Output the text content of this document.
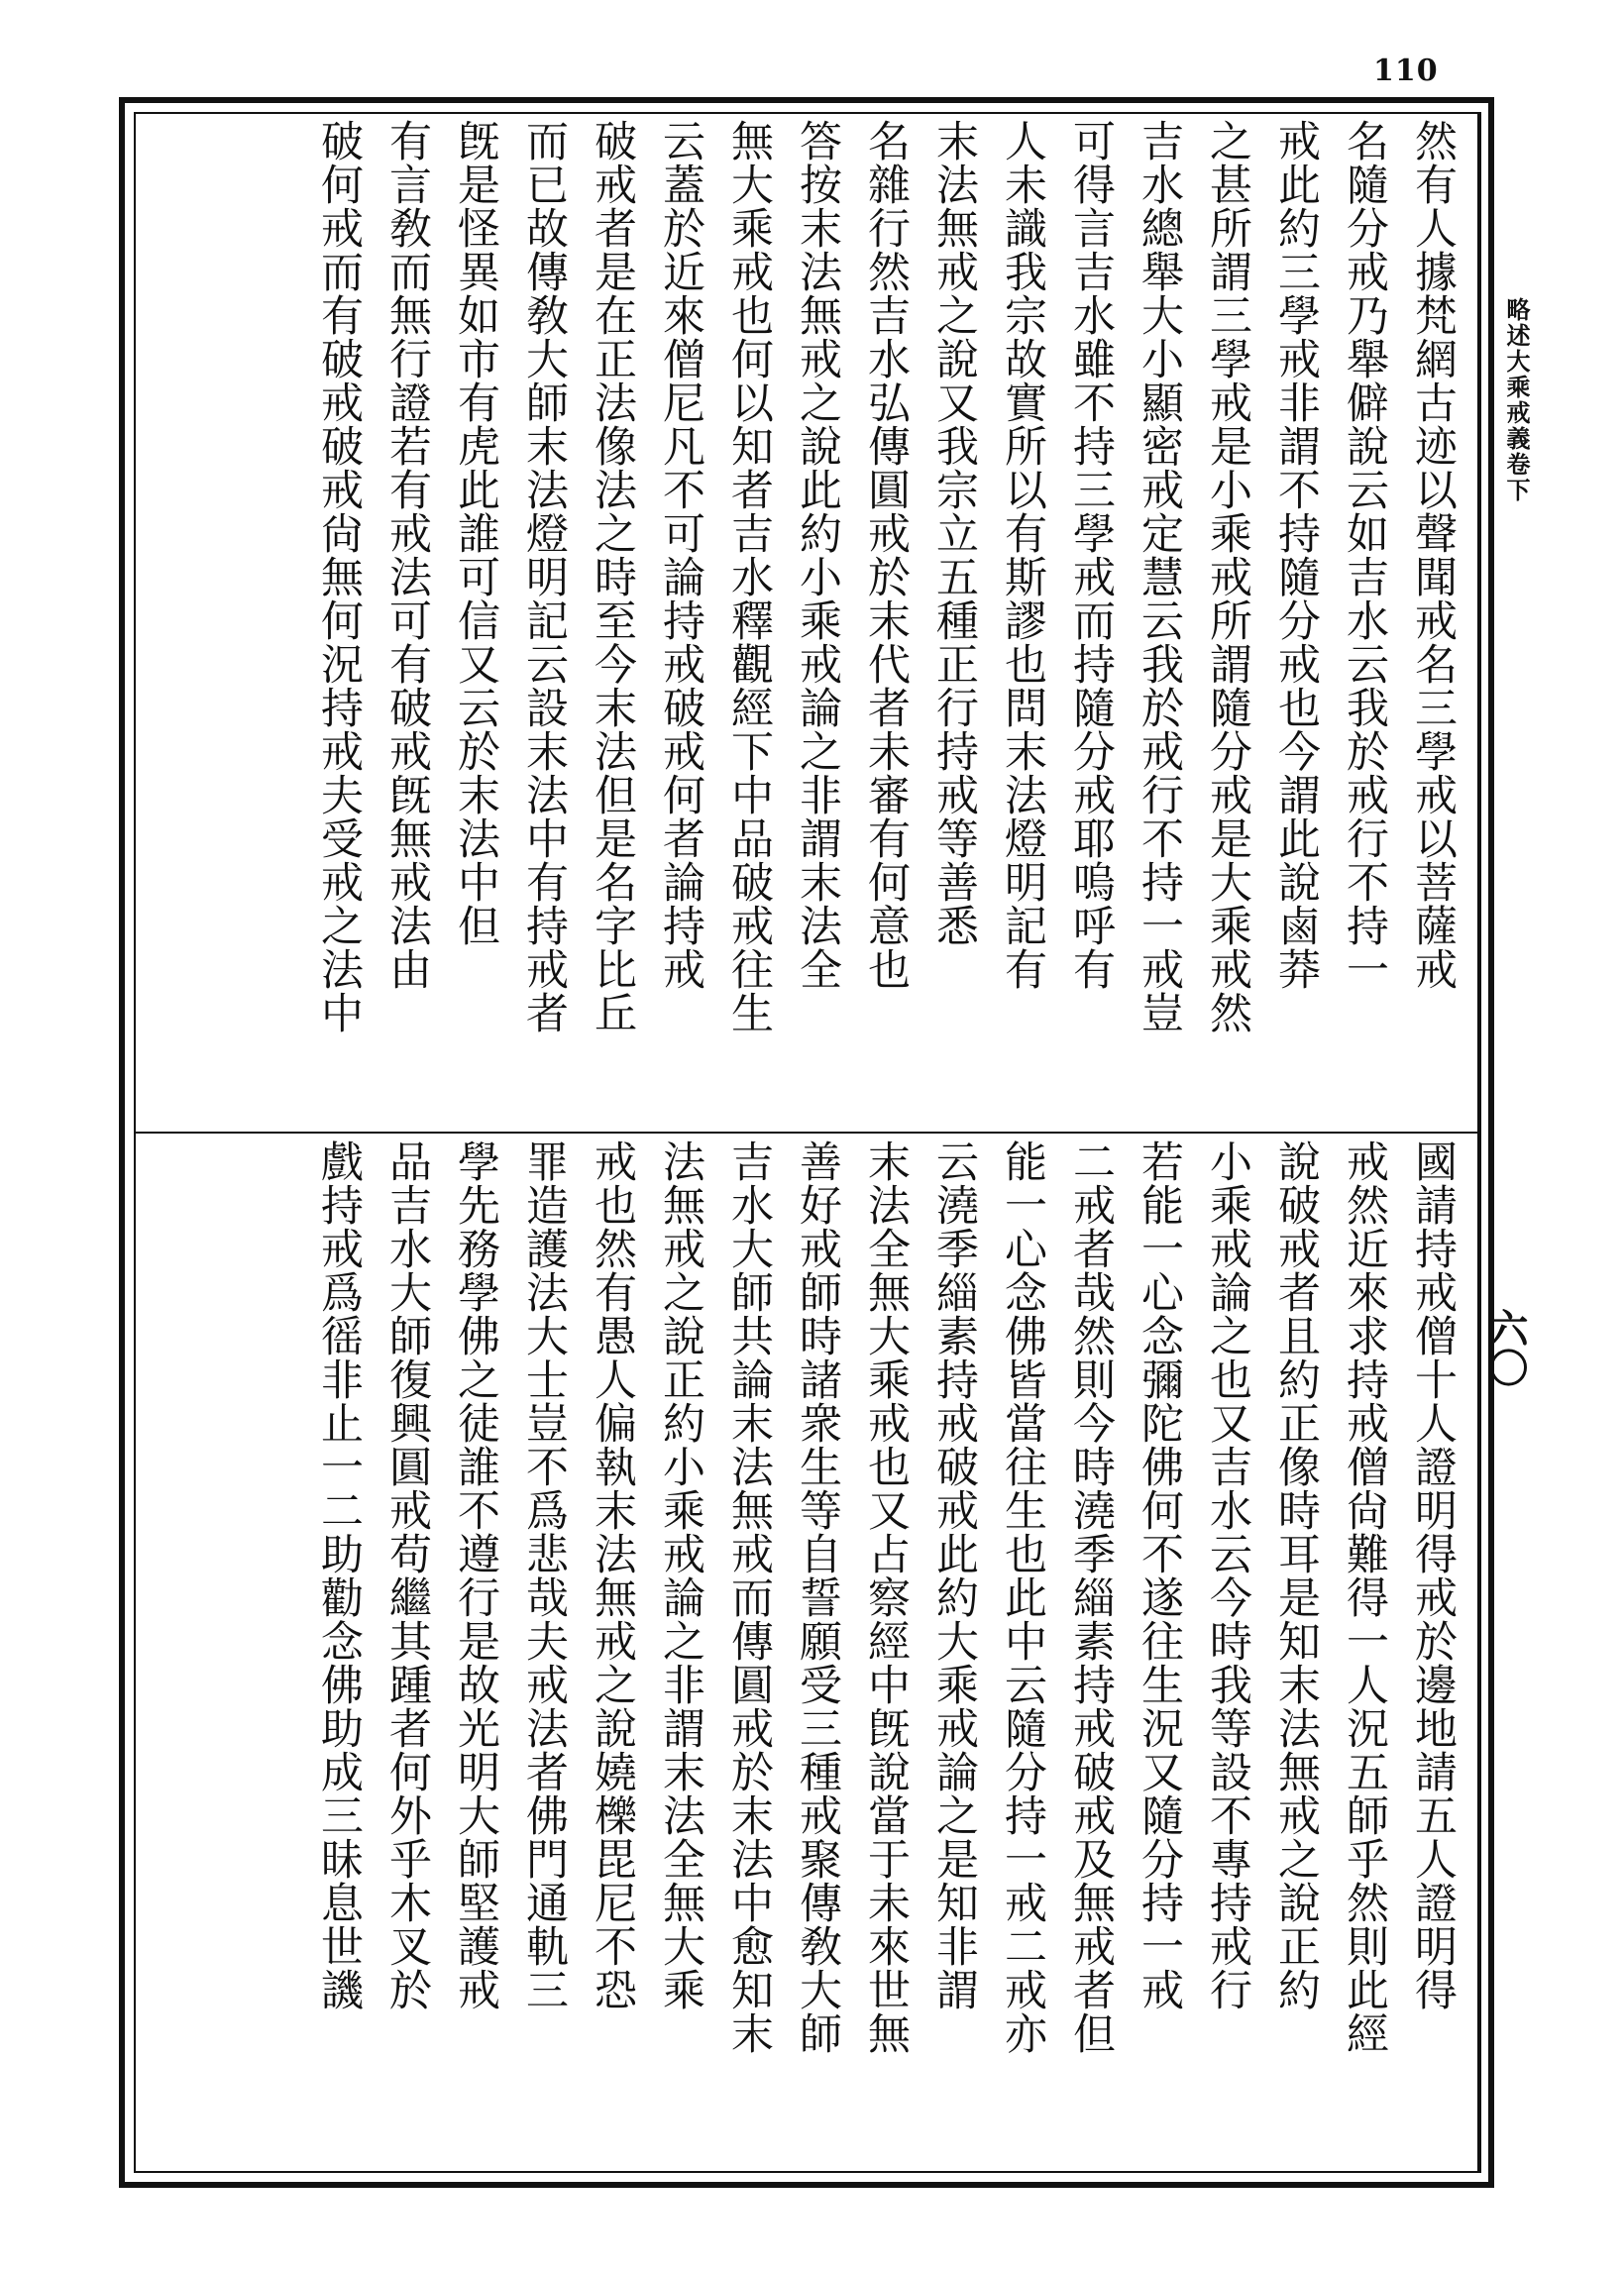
110
略述大乘戒義卷下
六〇
然有人據梵網古迹以聲聞戒名三學戒以菩薩戒
名隨分戒乃舉僻說云如吉水云我於戒行不持一
戒此約三學戒非謂不持隨分戒也今謂此說鹵莽
之甚所謂三學戒是小乘戒所謂隨分戒是大乘戒然
吉水總舉大小顯密戒定慧云我於戒行不持一戒豈
可得言吉水雖不持三學戒而持隨分戒耶嗚呼有
人未識我宗故實所以有斯謬也問末法燈明記有
末法無戒之說又我宗立五種正行持戒等善悉
名雜行然吉水弘傳圓戒於末代者未審有何意也
答按末法無戒之說此約小乘戒論之非謂末法全
無大乘戒也何以知者吉水釋觀經下中品破戒往生
云蓋於近來僧尼凡不可論持戒破戒何者論持戒
破戒者是在正法像法之時至今末法但是名字比丘
而已故傳敎大師末法燈明記云設末法中有持戒者
旣是怪異如市有虎此誰可信又云於末法中但
有言敎而無行證若有戒法可有破戒旣無戒法由
破何戒而有破戒破戒尙無何況持戒夫受戒之法中
國請持戒僧十人證明得戒於邊地請五人證明得
戒然近來求持戒僧尙難得一人況五師乎然則此經
說破戒者且約正像時耳是知末法無戒之說正約
小乘戒論之也又吉水云今時我等設不專持戒行
若能一心念彌陀佛何不遂往生況又隨分持一戒
二戒者哉然則今時澆季緇素持戒破戒及無戒者但
能一心念佛皆當往生也此中云隨分持一戒二戒亦
云澆季緇素持戒破戒此約大乘戒論之是知非謂
末法全無大乘戒也又占察經中旣說當于未來世無
善好戒師時諸衆生等自誓願受三種戒聚傳敎大師
吉水大師共論末法無戒而傳圓戒於末法中愈知末
法無戒之說正約小乘戒論之非謂末法全無大乘
戒也然有愚人偏執末法無戒之說嬈櫟毘尼不恐
罪造護法大士豈不爲悲哉夫戒法者佛門通軌三
學先務學佛之徒誰不遵行是故光明大師堅護戒
品吉水大師復興圓戒苟繼其踵者何外乎木叉於
戲持戒爲徭非止一二助勸念佛助成三昧息世譏
